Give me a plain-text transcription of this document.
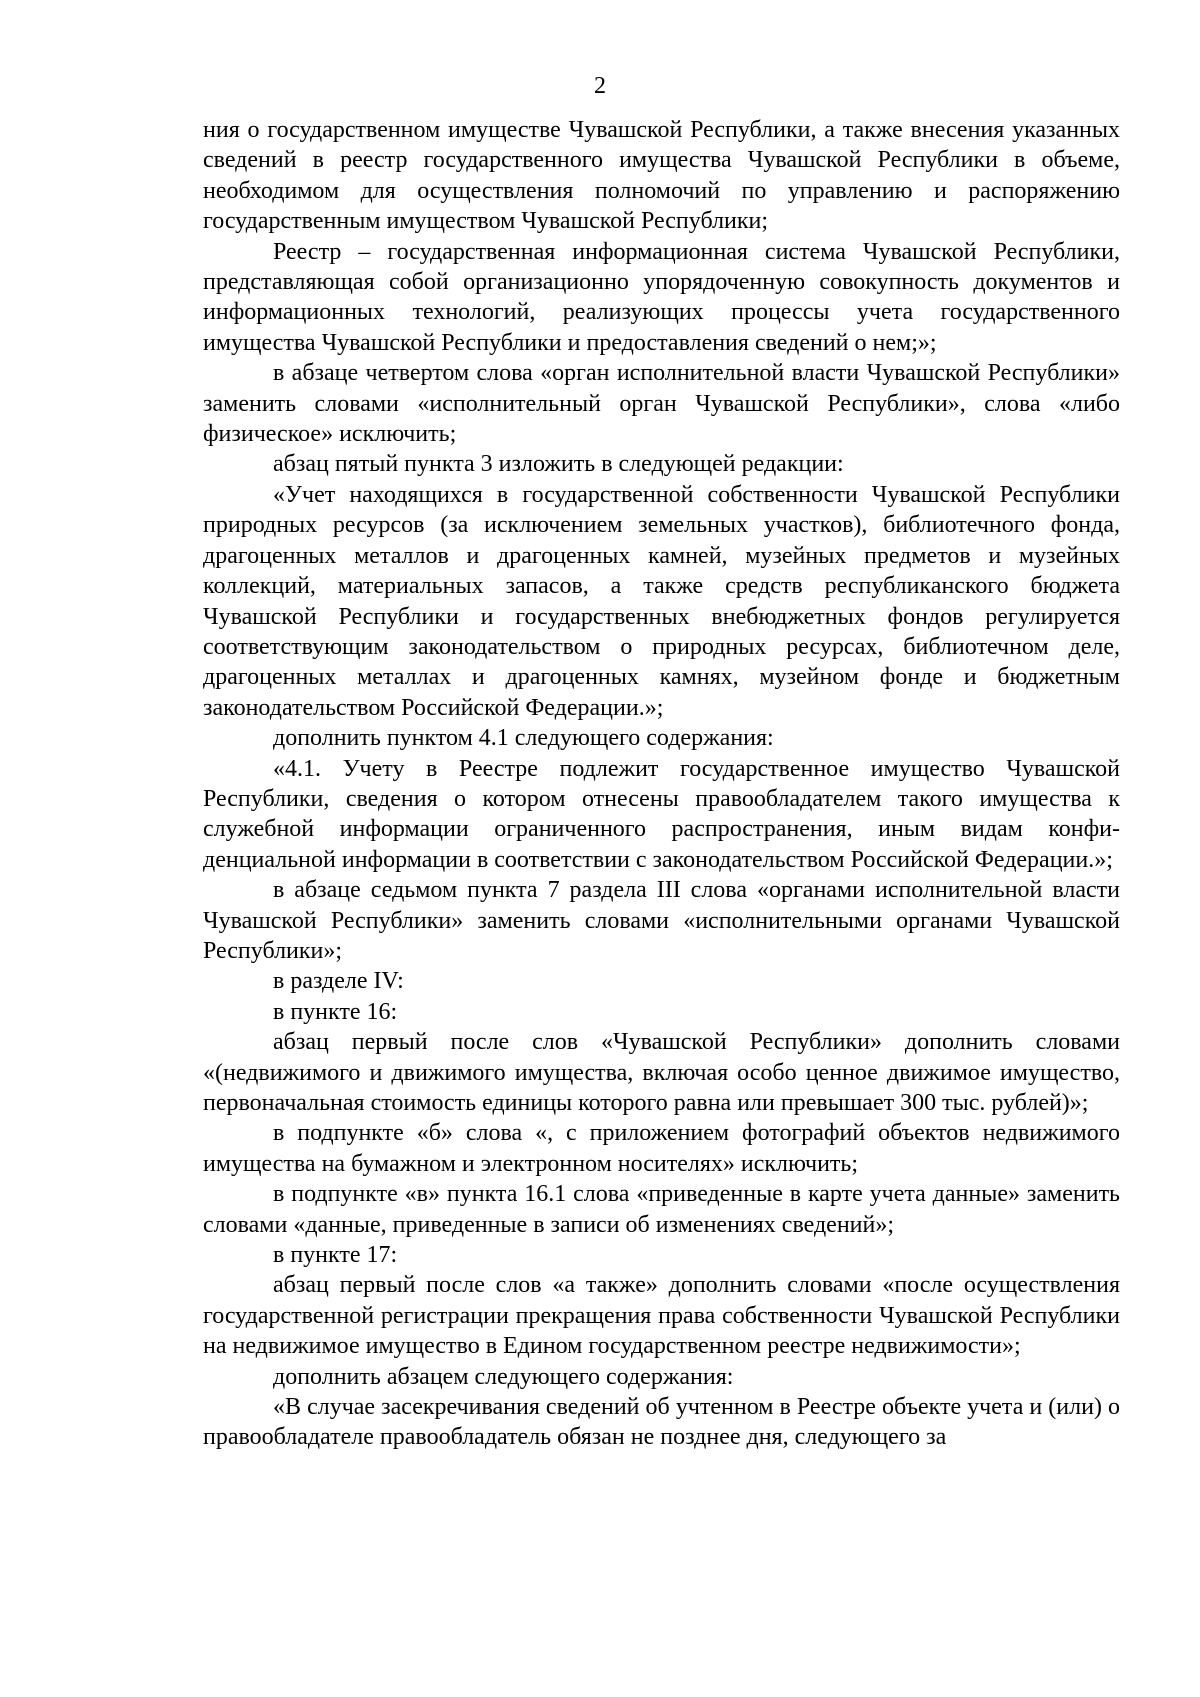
2

ния о государственном имуществе Чувашской Республики, а также внесения указанных сведений в реестр государственного имущества Чувашской Республики в объеме, необходимом для осуществления полномочий по управлению и распоряжению государственным имуществом Чувашской Республики;

Реестр – государственная информационная система Чувашской Республики, представляющая собой организационно упорядоченную совокупность документов и информационных технологий, реализующих процессы учета государственного имущества Чувашской Республики и предоставления сведений о нем;»;

в абзаце четвертом слова «орган исполнительной власти Чувашской Республики» заменить словами «исполнительный орган Чувашской Республики», слова «либо физическое» исключить;

абзац пятый пункта 3 изложить в следующей редакции:

«Учет находящихся в государственной собственности Чувашской Республики природных ресурсов (за исключением земельных участков), библиотечного фонда, драгоценных металлов и драгоценных камней, музейных предметов и музейных коллекций, материальных запасов, а также средств республиканского бюджета Чувашской Республики и государственных внебюджетных фондов регулируется соответствующим законодательством о природных ресурсах, библиотечном деле, драгоценных металлах и драгоценных камнях, музейном фонде и бюджетным законодательством Российской Федерации.»;

дополнить пунктом 4.1 следующего содержания:

«4.1. Учету в Реестре подлежит государственное имущество Чувашской Республики, сведения о котором отнесены правообладателем такого имущества к служебной информации ограниченного распространения, иным видам конфиденциальной информации в соответствии с законодательством Российской Федерации.»;

в абзаце седьмом пункта 7 раздела III слова «органами исполнительной власти Чувашской Республики» заменить словами «исполнительными органами Чувашской Республики»;

в разделе IV:

в пункте 16:

абзац первый после слов «Чувашской Республики» дополнить словами «(недвижимого и движимого имущества, включая особо ценное движимое имущество, первоначальная стоимость единицы которого равна или превышает 300 тыс. рублей)»;

в подпункте «б» слова «, с приложением фотографий объектов недвижимого имущества на бумажном и электронном носителях» исключить;

в подпункте «в» пункта 16.1 слова «приведенные в карте учета данные» заменить словами «данные, приведенные в записи об изменениях сведений»;

в пункте 17:

абзац первый после слов «а также» дополнить словами «после осуществления государственной регистрации прекращения права собственности Чувашской Республики на недвижимое имущество в Едином государственном реестре недвижимости»;

дополнить абзацем следующего содержания:

«В случае засекречивания сведений об учтенном в Реестре объекте учета и (или) о правообладателе правообладатель обязан не позднее дня, следующего за
